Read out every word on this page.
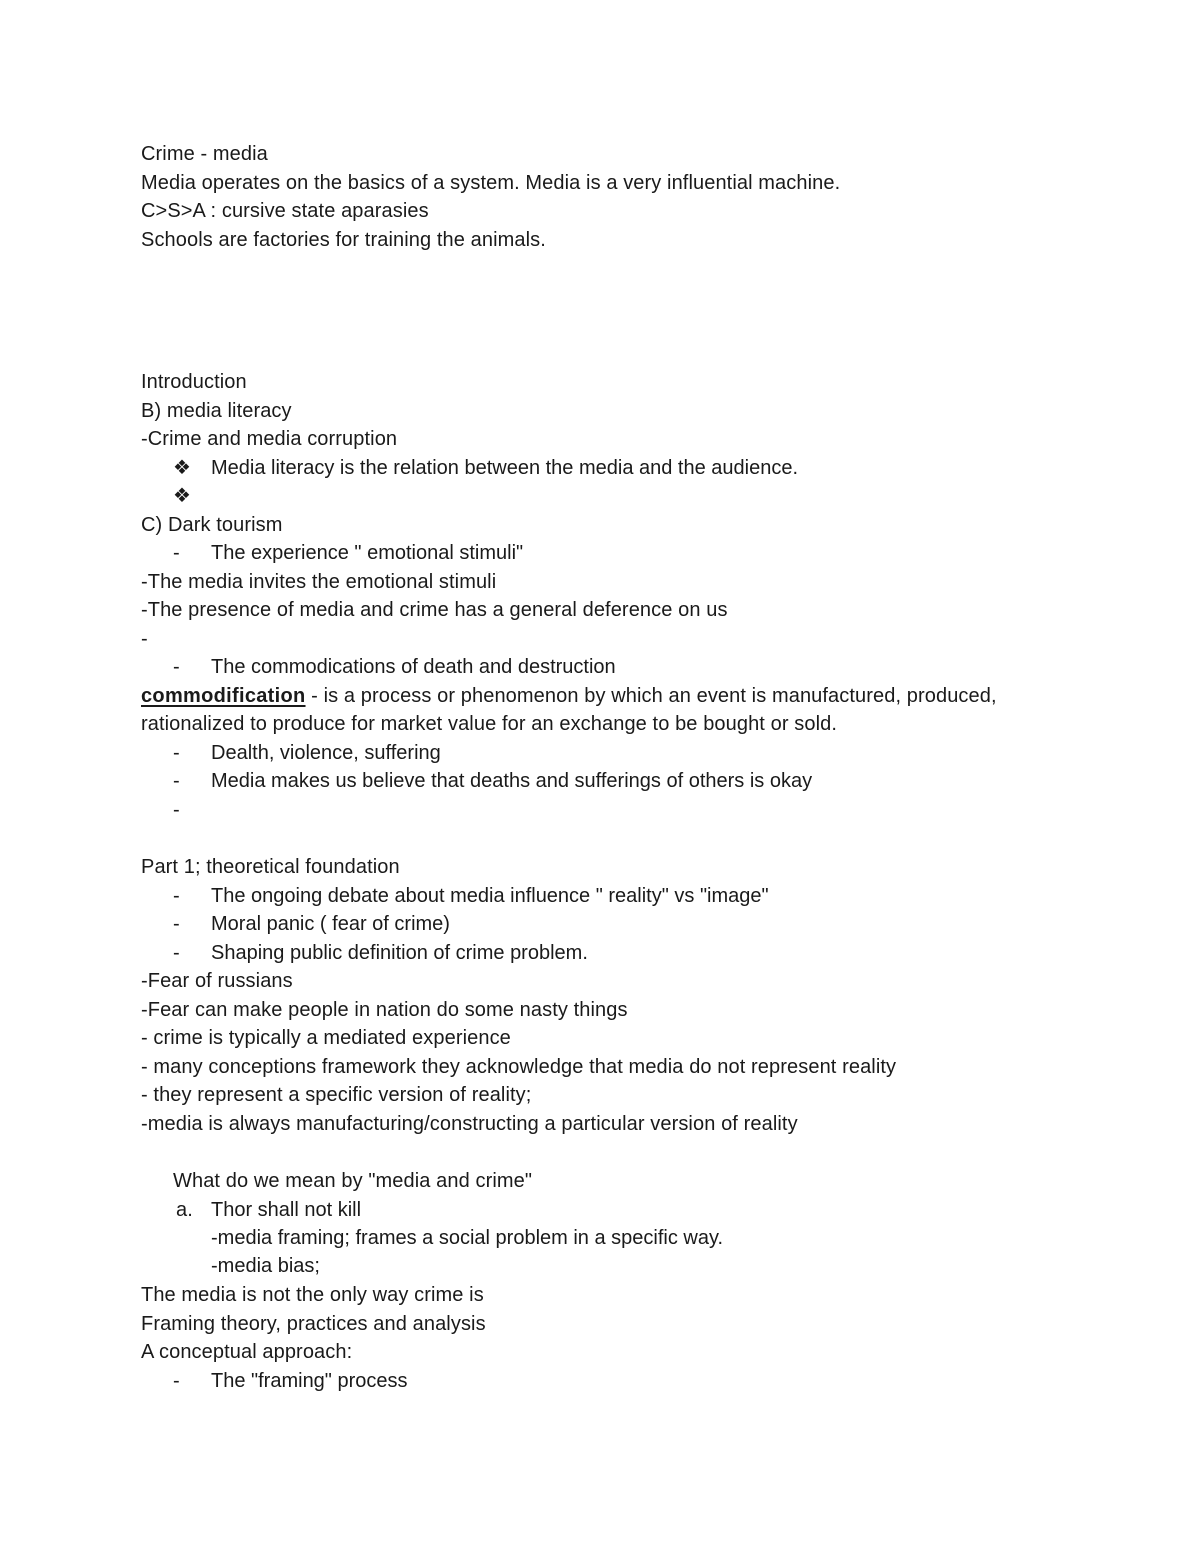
Crime - media
Media operates on the basics of a system. Media is a very influential machine.
C>S>A : cursive state aparasies
Schools are factories for training the animals.
Introduction
B) media literacy
-Crime and media corruption
❖ Media literacy is the relation between the media and the audience.
❖
C) Dark tourism
- The experience " emotional stimuli"
-The media invites the emotional stimuli
-The presence of media and crime has a general deference on us
-
- The commodications of death and destruction
commodification - is a process or phenomenon by which an event is manufactured, produced,
rationalized to produce for market value for an exchange to be bought or sold.
- Dealth, violence, suffering
- Media makes us believe that deaths and sufferings of others is okay
-
Part 1; theoretical foundation
- The ongoing debate about media influence " reality" vs "image"
- Moral panic ( fear of crime)
- Shaping public definition of crime problem.
-Fear of russians
-Fear can make people in nation do some nasty things
- crime is typically a mediated experience
- many conceptions framework they acknowledge that media do not represent reality
- they represent a specific version of reality;
-media is always manufacturing/constructing a particular version of reality
What do we mean by "media and crime"
a. Thor shall not kill
-media framing; frames a social problem in a specific way.
-media bias;
The media is not the only way crime is
Framing theory, practices and analysis
A conceptual approach:
- The "framing" process
